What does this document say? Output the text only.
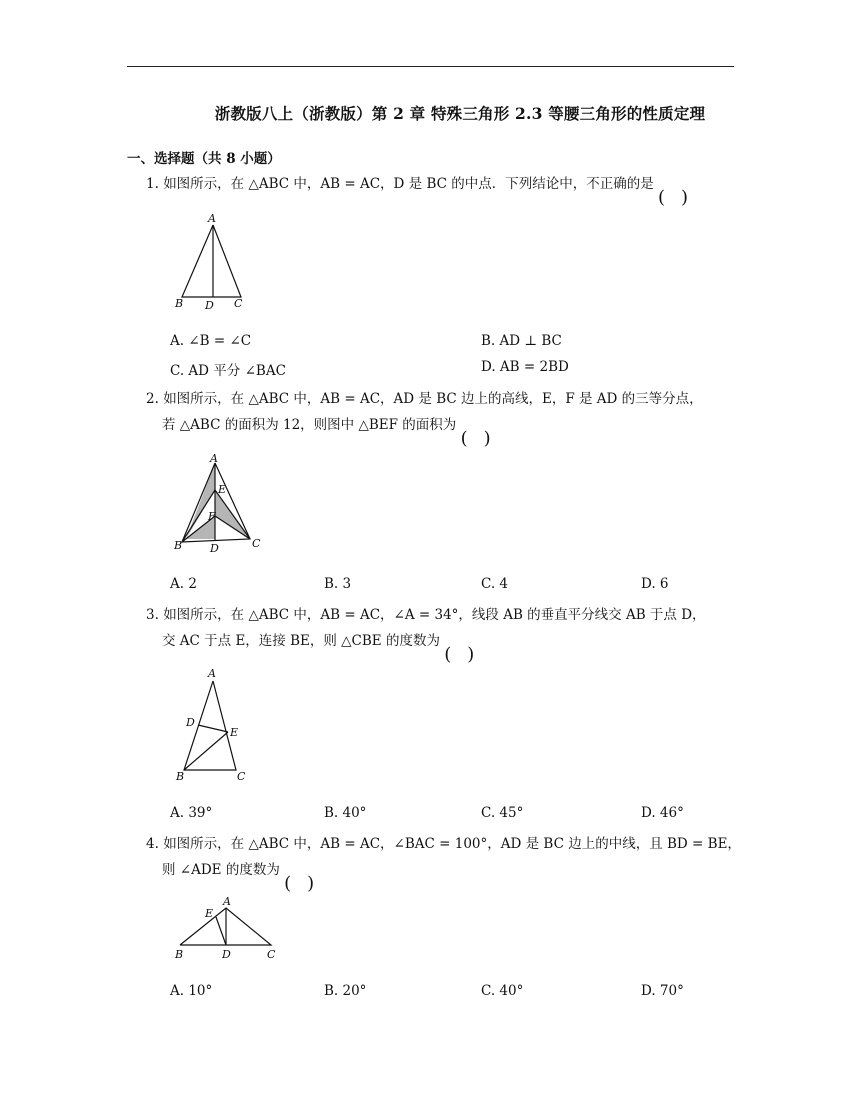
浙教版八上（浙教版）第 2 章 特殊三角形 2.3 等腰三角形的性质定理
一、选择题（共 8 小题）
1. 如图所示，在 △ABC 中，AB = AC，D 是 BC 的中点．下列结论中，不正确的是
A
B D C
A. ∠B = ∠C	B. AD ⊥ BC
C. AD 平分 ∠BAC	D. AB = 2BD
2. 如图所示，在 △ABC 中，AB = AC，AD 是 BC 边上的高线，E，F 是 AD 的三等分点，
若 △ABC 的面积为 12，则图中 △BEF 的面积为
A
E
F
B	D	C
A. 2	B. 3	C. 4	D. 6
3. 如图所示，在 △ABC 中，AB = AC，∠A = 34°，线段 AB 的垂直平分线交 AB 于点 D，
交 AC 于点 E，连接 BE，则 △CBE 的度数为
A
D
E
B	C
A. 39°	B. 40°	C. 45°	D. 46°
4. 如图所示，在 △ABC 中，AB = AC，∠BAC = 100°，AD 是 BC 边上的中线，且 BD = BE，
则 ∠ADE 的度数为
A
E
B	D	C
A. 10°	B. 20°	C. 40°	D. 70°
